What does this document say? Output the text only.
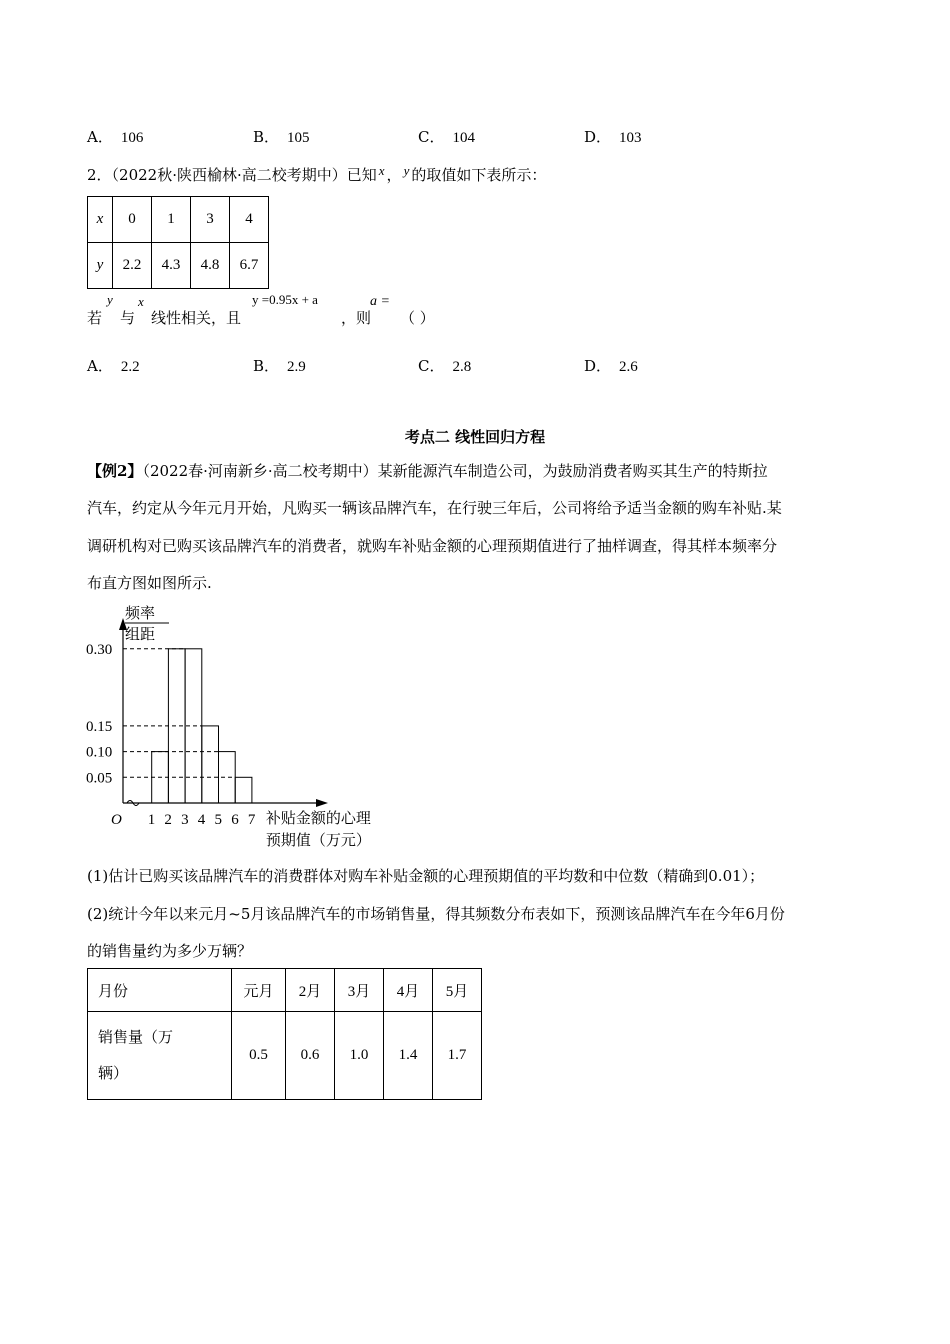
A． 106	B． 105	C． 104	D． 103
2．（2022秋·陕西榆林·高二校考期中）已知 x ， y 的取值如下表所示：
x	0	1	3	4
y	2.2	4.3	4.8	6.7
若
y
与
x
线性相关，且
y =0.95x + a
，则
a =
（ ）
A． 2.2	B． 2.9	C． 2.8	D． 2.6
考点二 线性回归方程
【例2】（2022春·河南新乡·高二校考期中）某新能源汽车制造公司，为鼓励消费者购买其生产的特斯拉
汽车，约定从今年元月开始，凡购买一辆该品牌汽车，在行驶三年后，公司将给予适当金额的购车补贴.某
调研机构对已购买该品牌汽车的消费者，就购车补贴金额的心理预期值进行了抽样调查，得其样本频率分
布直方图如图所示.
频率
组距
0.30
0.15
0.10
0.05
1 2 3 4 5 6 7
O	补贴金额的心理
预期值（万元）
(1)估计已购买该品牌汽车的消费群体对购车补贴金额的心理预期值的平均数和中位数（精确到0.01）；
(2)统计今年以来元月~5月该品牌汽车的市场销售量，得其频数分布表如下，预测该品牌汽车在今年6月份
的销售量约为多少万辆？
月份	元月	2月	3月	4月	5月
销售量（万
辆）	0.5	0.6	1.0	1.4	1.7
